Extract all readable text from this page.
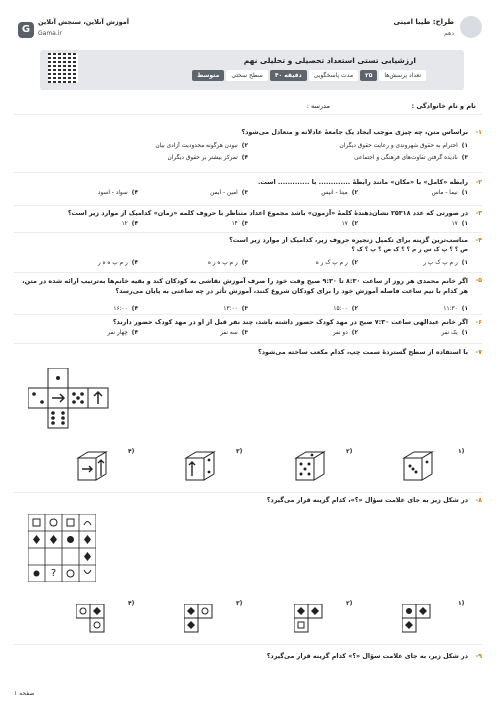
طراح: طیبا امینی
دهم
G
آموزش آنلاین، سنجش آنلاین
Gama.ir
ارزشیابی تستی استعداد تحصیلی و تحلیلی نهم
تعداد پرسش‌ها
۲۵
مدت پاسخگویی
۴۰ دقیقه
سطح سختی
متوسط
نام و نام خانوادگی :
مدرسه :
۱-
براساس متن، چه چیزی موجب ایجاد یک جامعهٔ عادلانه و متعادل می‌شود؟
۱)احترام به حقوق شهروندی و رعایت حقوق دیگران
۲)نبودن هرگونه محدودیت آزادی بیان
۳)نادیده گرفتن تفاوت‌های فرهنگی و اجتماعی
۴)تمرکز بیشتر بر حقوق دیگران
۲-
رابطه «کامل» با «مکان» مانند رابطهٔ ............. با ............. است.
۱)نیما - ماس
۲)مینا - انیس
۳)امین - ایمن
۴)سواد - اسود
۳-
در صورتی که عدد ۲۵۳۱۸ نشان‌دهندهٔ کلمهٔ «آزمون» باشد مجموع اعداد متناظر با حروف کلمه «زمان» کدامیک از موارد زیر است؟
۱)۱۷
۲)۱۷
۳)۱۴
۴)۱۲
۴-
مناسب‌ترین گزینه برای تکمیل زنجیره حروف زیر، کدامیک از موارد زیر است؟
ص ؟ ؟ پ ک س ر م ؟ ؟ ک ص ؟ پ ؟ ک ؟
۱)ر م پ ک پ ر
۲)ر م پ ک ر ه
۳)ر م پ ه ر ه
۴)ر م پ ه ه ر
۵-
اگر خانم محمدی هر روز از ساعت ۸:۳۰ تا ۹:۳۰ صبح وقت خود را صرف آموزش نقاشی به کودکان کند و بقیه خانم‌ها به‌ترتیب ارائه شده در متن، هر کدام با نیم ساعت فاصله آموزش خود را برای کودکان شروع کنند، آموزش تأثر در چه ساعتی به پایان می‌رسد؟
۱)۱۱:۳۰
۲)۱۵:۰۰
۳)۱۳:۰۰
۴)۱۶:۰۰
۶-
اگر خانم عبدالهی ساعت ۷:۳۰ صبح در مهد کودک حضور داشته باشد، چند نفر قبل از او در مهد کودک حضور دارند؟
۱)یک نفر
۲)دو نفر
۳)سه نفر
۴)چهار نفر
۷-
با استفاده از سطح گستردهٔ سمت چپ، کدام مکعب ساخته می‌شود؟
۱)
۲)
۳)
۴)
۸-
در شکل زیر به جای علامت سؤال «؟»، کدام گزینه قرار می‌گیرد؟
?
۱)
۲)
۳)
۴)
۹-
در شکل زیر، به جای علامت سؤال «؟» کدام گزینه قرار می‌گیرد؟
صفحه ۱
